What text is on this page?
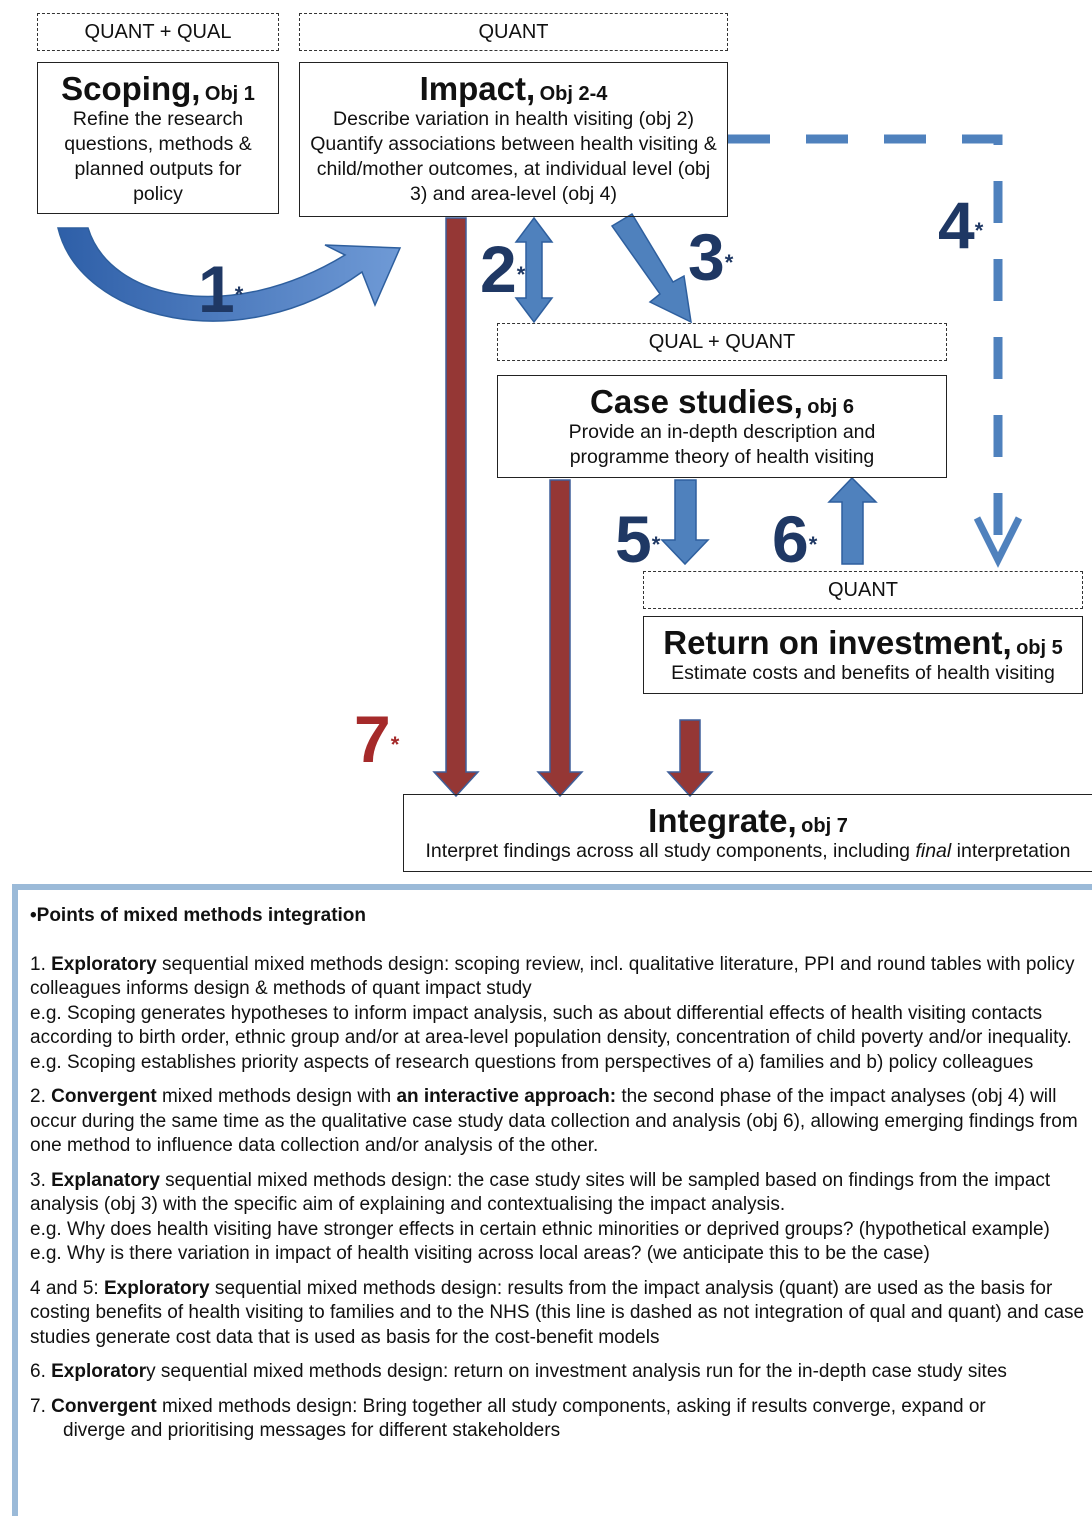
QUANT + QUAL	QUANT
QUAL + QUANT
QUANT
Scoping, Obj 1
Refine the research questions, methods & planned outputs for policy
Impact, Obj 2-4
Describe variation in health visiting (obj 2)
Quantify associations between health visiting & child/mother outcomes, at individual level (obj 3) and area-level (obj 4)
Case studies, obj 6
Provide an in-depth description and programme theory of health visiting
Return on investment, obj 5
Estimate costs and benefits of health visiting
Integrate, obj 7
Interpret findings across all study components, including final interpretation
1*	2* 3*
4*
5* 6*
7*

•Points of mixed methods integration

1. Exploratory sequential mixed methods design: scoping review, incl. qualitative literature, PPI and round tables with policy colleagues informs design & methods of quant impact study
e.g. Scoping generates hypotheses to inform impact analysis, such as about differential effects of health visiting contacts according to birth order, ethnic group and/or at area-level population density, concentration of child poverty and/or inequality. e.g. Scoping establishes priority aspects of research questions from perspectives of a) families and b) policy colleagues

2. Convergent mixed methods design with an interactive approach: the second phase of the impact analyses (obj 4) will occur during the same time as the qualitative case study data collection and analysis (obj 6), allowing emerging findings from one method to influence data collection and/or analysis of the other.

3. Explanatory sequential mixed methods design: the case study sites will be sampled based on findings from the impact analysis (obj 3) with the specific aim of explaining and contextualising the impact analysis.
e.g. Why does health visiting have stronger effects in certain ethnic minorities or deprived groups? (hypothetical example)
e.g. Why is there variation in impact of health visiting across local areas? (we anticipate this to be the case)

4 and 5: Exploratory sequential mixed methods design: results from the impact analysis (quant) are used as the basis for costing benefits of health visiting to families and to the NHS (this line is dashed as not integration of qual and quant) and case studies generate cost data that is used as basis for the cost-benefit models

6. Exploratory sequential mixed methods design: return on investment analysis run for the in-depth case study sites

7. Convergent mixed methods design: Bring together all study components, asking if results converge, expand or
diverge and prioritising messages for different stakeholders
